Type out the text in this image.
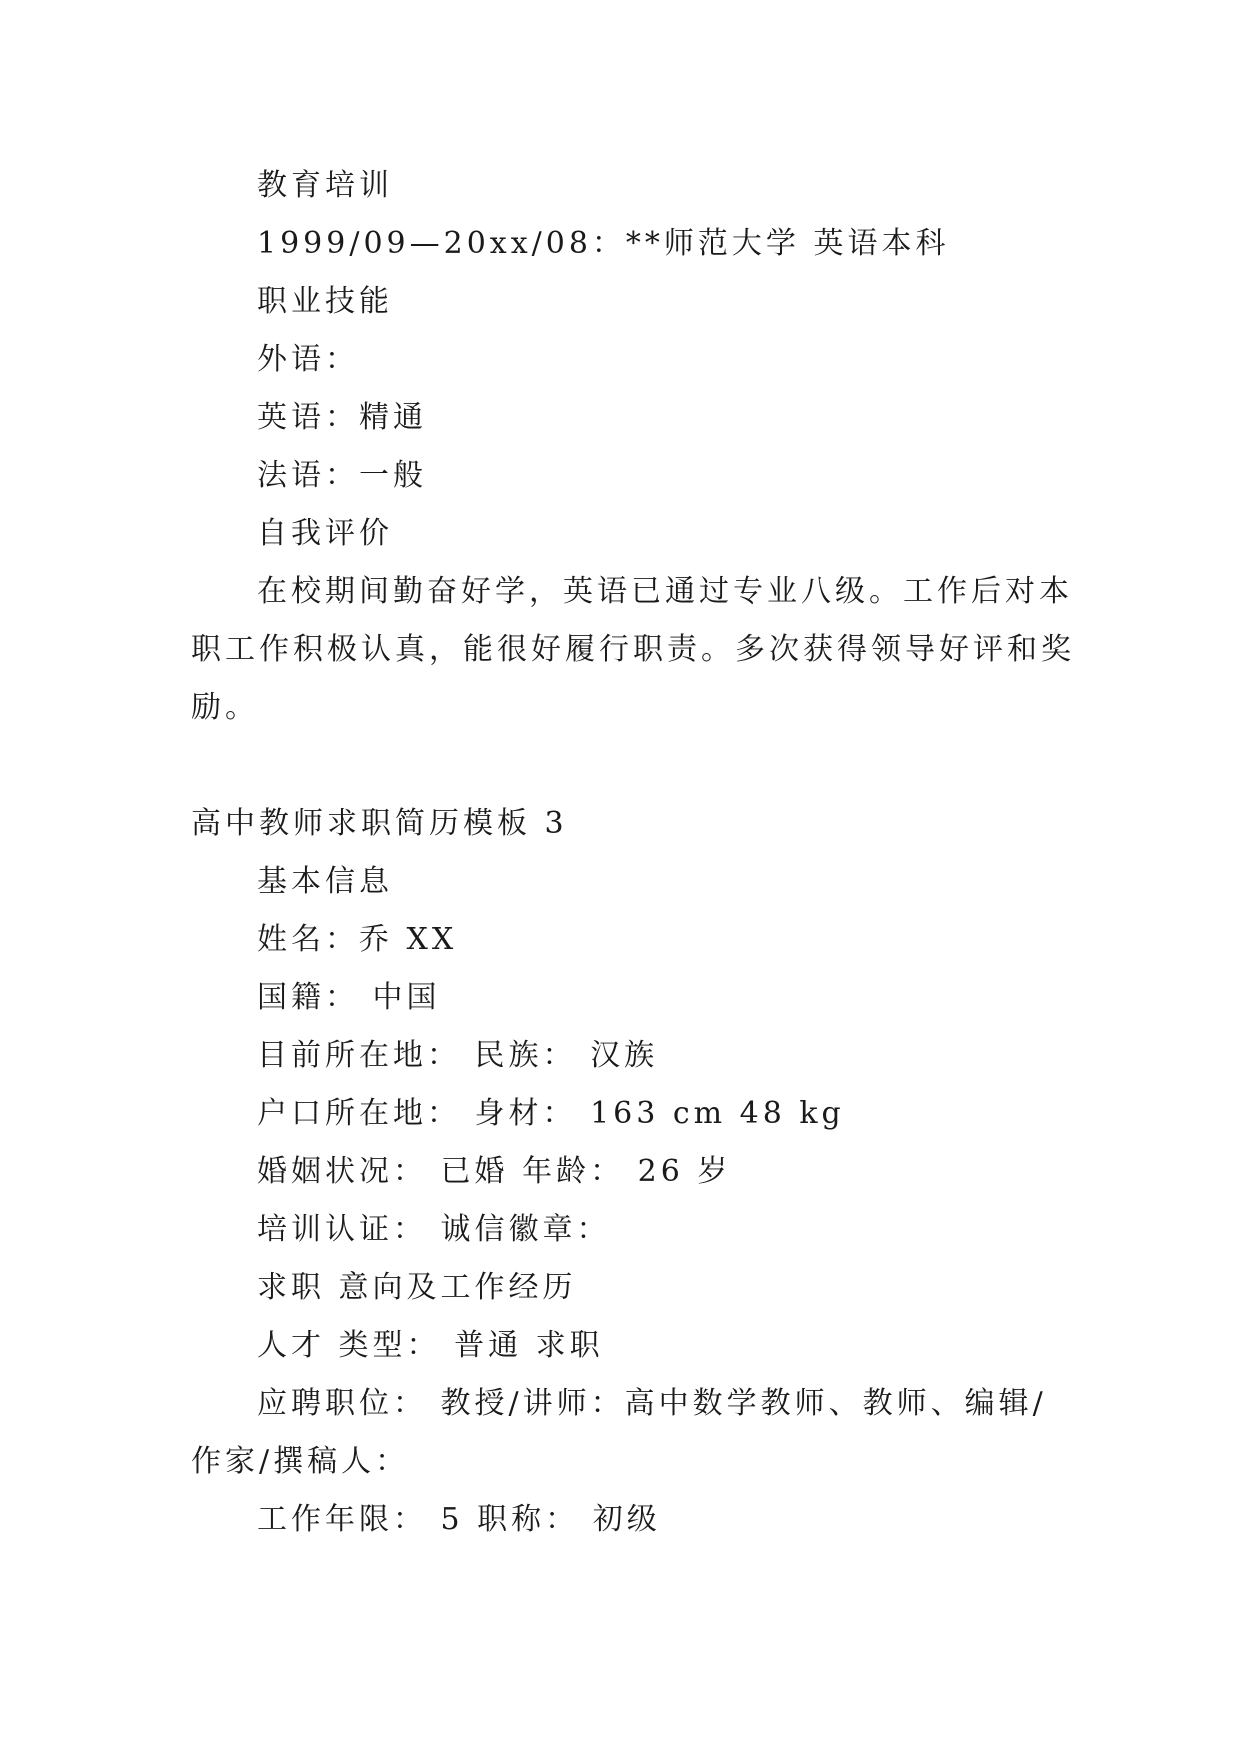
教育培训
1999/09—20xx/08：**师范大学 英语本科
职业技能
外语：
英语：精通
法语：一般
自我评价
在校期间勤奋好学，英语已通过专业八级。工作后对本
职工作积极认真，能很好履行职责。多次获得领导好评和奖
励。
高中教师求职简历模板 3
基本信息
姓名：乔 XX
国籍： 中国
目前所在地： 民族： 汉族
户口所在地： 身材： 163 cm 48 kg
婚姻状况： 已婚 年龄： 26 岁
培训认证： 诚信徽章：
求职 意向及工作经历
人才 类型： 普通 求职
应聘职位： 教授/讲师：高中数学教师、教师、编辑/
作家/撰稿人：
工作年限： 5 职称： 初级
